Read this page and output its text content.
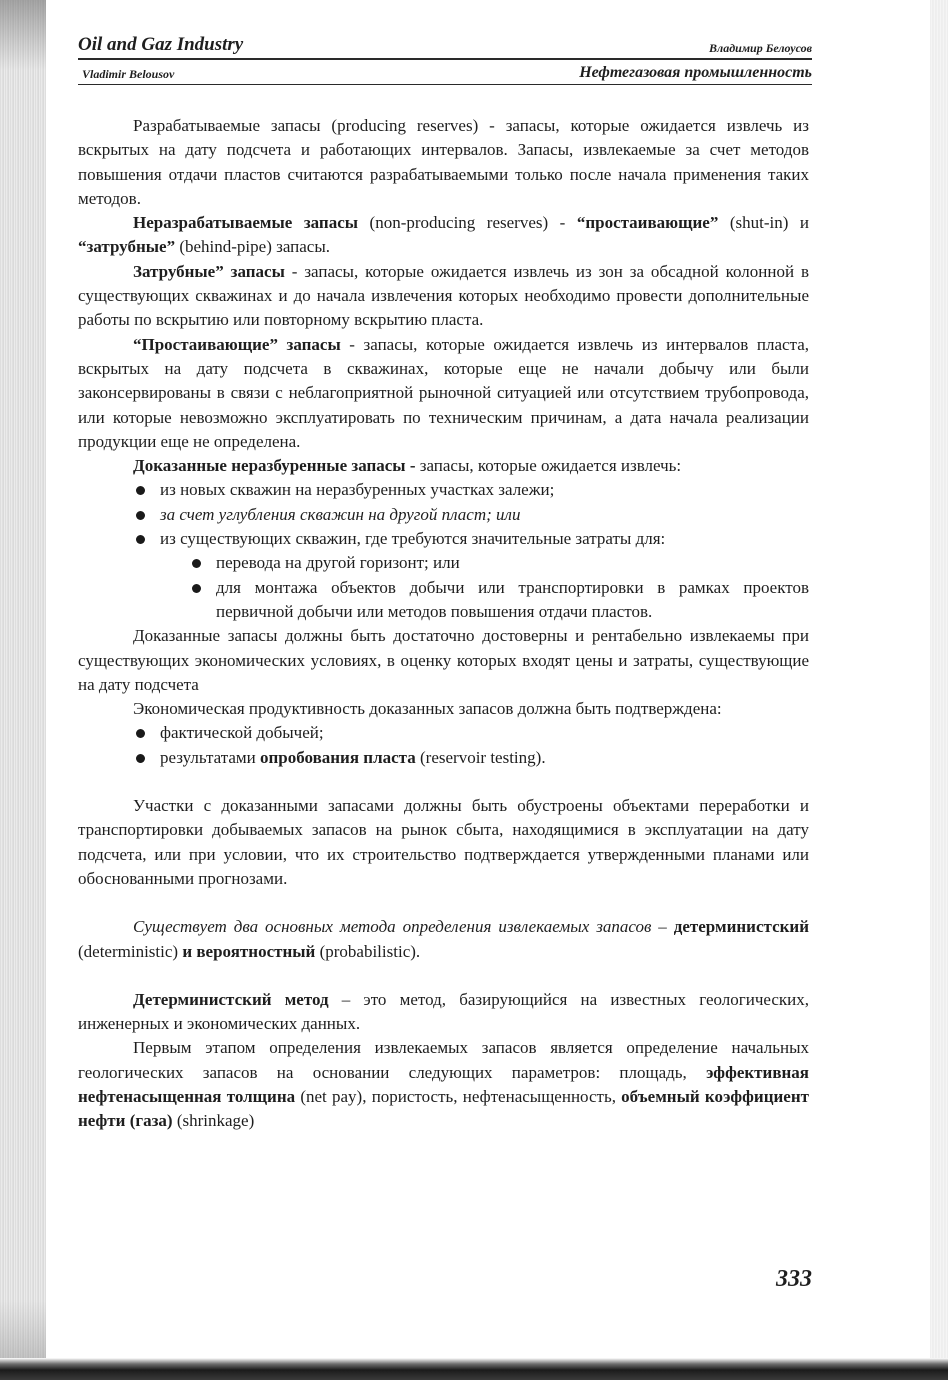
Oil and Gaz Industry	Владимир Белоусов
Vladimir Belousov	Нефтегазовая промышленность

Разрабатываемые запасы (producing reserves) - запасы, которые ожидается извлечь из вскрытых на дату подсчета и работающих интервалов. Запасы, извлекаемые за счет методов повышения отдачи пластов считаются разрабатываемыми только после начала применения таких методов.

Неразрабатываемые запасы (non-producing reserves) - “простаивающие” (shut-in) и “затрубные” (behind-pipe) запасы.

Затрубные” запасы - запасы, которые ожидается извлечь из зон за обсадной колонной в существующих скважинах и до начала извлечения которых необходимо провести дополнительные работы по вскрытию или повторному вскрытию пласта.

“Простаивающие” запасы - запасы, которые ожидается извлечь из интервалов пласта, вскрытых на дату подсчета в скважинах, которые еще не начали добычу или были законсервированы в связи с неблагоприятной рыночной ситуацией или отсутствием трубопровода, или которые невозможно эксплуатировать по техническим причинам, а дата начала реализации продукции еще не определена.

Доказанные неразбуренные запасы - запасы, которые ожидается извлечь:

из новых скважин на неразбуренных участках залежи;
за счет углубления скважин на другой пласт; или
из существующих скважин, где требуются значительные затраты для:
перевода на другой горизонт; или
для монтажа объектов добычи или транспортировки в рамках проектов первичной добычи или методов повышения отдачи пластов.

Доказанные запасы должны быть достаточно достоверны и рентабельно извлекаемы при существующих экономических условиях, в оценку которых входят цены и затраты, существующие на дату подсчета

Экономическая продуктивность доказанных запасов должна быть подтверждена:

фактической добычей;
результатами опробования пласта (reservoir testing).

Участки с доказанными запасами должны быть обустроены объектами переработки и транспортировки добываемых запасов на рынок сбыта, находящимися в эксплуатации на дату подсчета, или при условии, что их строительство подтверждается утвержденными планами или обоснованными прогнозами.

Существует два основных метода определения извлекаемых запасов – детерминистский (deterministic) и вероятностный (probabilistic).

Детерминистский метод – это метод, базирующийся на известных геологических, инженерных и экономических данных.

Первым этапом определения извлекаемых запасов является определение начальных геологических запасов на основании следующих параметров: площадь, эффективная нефтенасыщенная толщина (net pay), пористость, нефтенасыщенность, объемный коэффициент нефти (газа) (shrinkage)

333
